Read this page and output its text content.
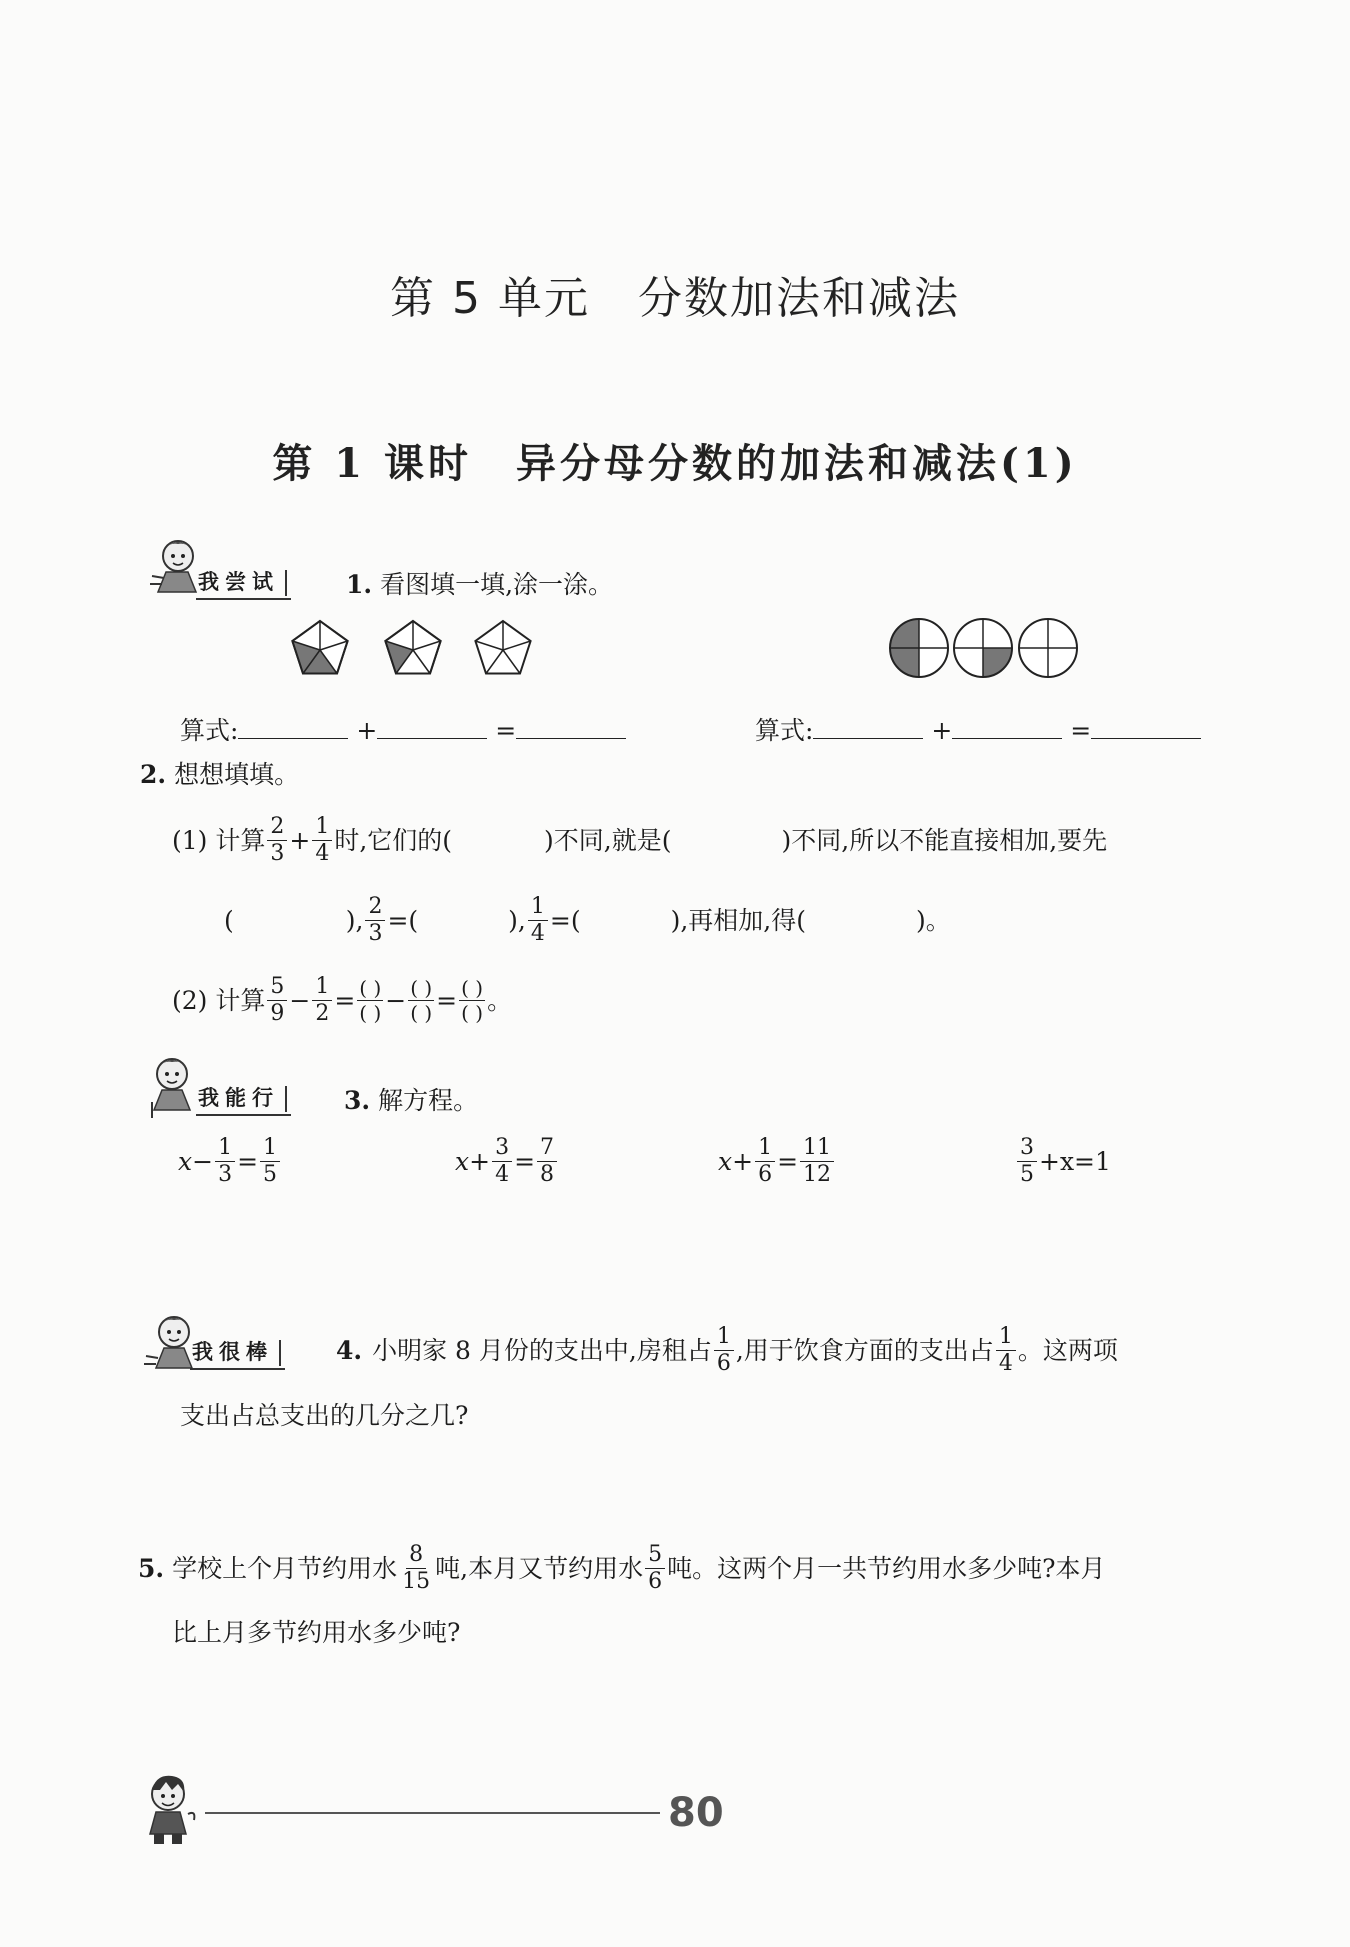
第 5 单元 分数加法和减法
第 1 课时 异分母分数的加法和减法(1)
我尝试	1. 看图填一填,涂一涂。
算式:	+	=	算式:	+	=
2. 想想填填。
(1) 计算 $\frac{2}{3} + \frac{1}{4}$ 时,它们的(	)不同,就是(	)不同,所以不能直接相加,要先
(	), $\frac{2}{3}$ =(	), $\frac{1}{4}$ =(	),再相加,得(	)。
(2) 计算 $\frac{5}{9} - \frac{1}{2}$ = ( )
( ) − ( )
( ) = ( )
( ) 。
我能行	3. 解方程。
$x - \frac{1}{3} = \frac{1}{5}$	$x + \frac{3}{4} = \frac{7}{8}$	$x + \frac{1}{6} = \frac{11}{12}$	$\frac{3}{5} +x=1$
我很棒	4. 小明家 8 月份的支出中,房租占 $\frac{1}{6}$ ,用于饮食方面的支出占 $\frac{1}{4}$ 。这两项
支出占总支出的几分之几?
5. 学校上个月节约用水 $\frac{8}{15}$ 吨,本月又节约用水 $\frac{5}{6}$ 吨。这两个月一共节约用水多少吨?本月
比上月多节约用水多少吨?
80
